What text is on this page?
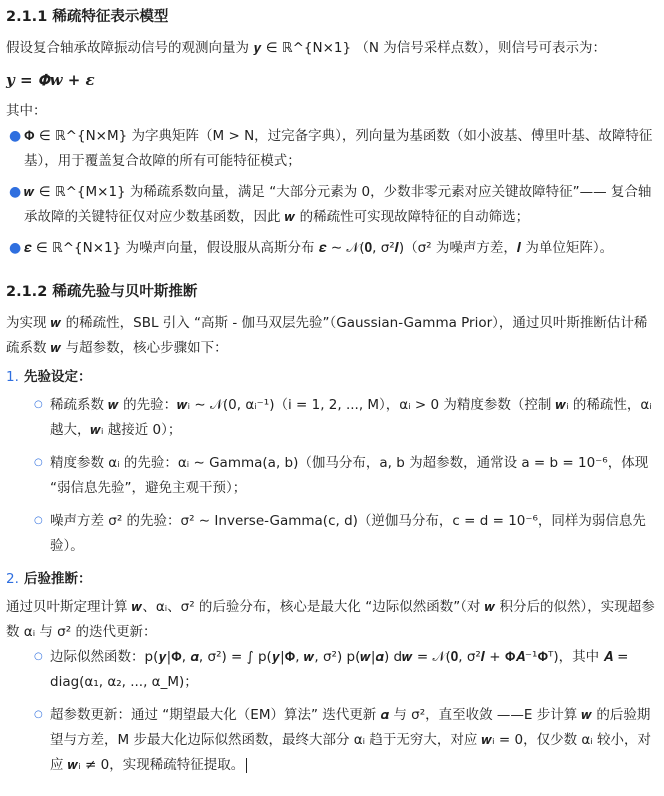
2.1.1 稀疏特征表示模型

假设复合轴承故障振动信号的观测向量为 𝒚 ∈ ℝ^{N×1} （N 为信号采样点数），则信号可表示为：

𝒚 = 𝚽𝒘 + 𝜺

其中：

● 𝚽 ∈ ℝ^{N×M} 为字典矩阵（M > N，过完备字典），列向量为基函数（如小波基、傅里叶基、故障特征基），用于覆盖复合故障的所有可能特征模式；
● 𝒘 ∈ ℝ^{M×1} 为稀疏系数向量，满足 “大部分元素为 0，少数非零元素对应关键故障特征”—— 复合轴承故障的关键特征仅对应少数基函数，因此 𝒘 的稀疏性可实现故障特征的自动筛选；
● 𝜺 ∈ ℝ^{N×1} 为噪声向量，假设服从高斯分布 𝜺 ∼ 𝒩(𝟎, σ²𝑰)（σ² 为噪声方差，𝑰 为单位矩阵）。
2.1.2 稀疏先验与贝叶斯推断

为实现 𝒘 的稀疏性，SBL 引入 “高斯 - 伽马双层先验”（Gaussian-Gamma Prior），通过贝叶斯推断估计稀疏系数 𝒘 与超参数，核心步骤如下：

1. 先验设定：
○ 稀疏系数 𝒘 的先验：𝒘ᵢ ∼ 𝒩(0, αᵢ⁻¹)（i = 1, 2, ..., M），αᵢ > 0 为精度参数（控制 𝒘ᵢ 的稀疏性，αᵢ 越大，𝒘ᵢ 越接近 0）；
○ 精度参数 αᵢ 的先验：αᵢ ∼ Gamma(a, b)（伽马分布，a, b 为超参数，通常设 a = b = 10⁻⁶，体现 “弱信息先验”，避免主观干预）；
○ 噪声方差 σ² 的先验：σ² ∼ Inverse-Gamma(c, d)（逆伽马分布，c = d = 10⁻⁶，同样为弱信息先验）。
2. 后验推断：

通过贝叶斯定理计算 𝒘、αᵢ、σ² 的后验分布，核心是最大化 “边际似然函数”（对 𝒘 积分后的似然），实现超参数 αᵢ 与 σ² 的迭代更新：

○ 边际似然函数：p(𝒚|𝚽, 𝜶, σ²) = ∫ p(𝒚|𝚽, 𝒘, σ²) p(𝒘|𝜶) d𝒘 = 𝒩(𝟎, σ²𝑰 + 𝚽𝑨⁻¹𝚽ᵀ)，其中 𝑨 = diag(α₁, α₂, ..., α_M)；
○ 超参数更新：通过 “期望最大化（EM）算法” 迭代更新 𝜶 与 σ²，直至收敛 ——E 步计算 𝒘 的后验期望与方差，M 步最大化边际似然函数，最终大部分 αᵢ 趋于无穷大，对应 𝒘ᵢ = 0，仅少数 αᵢ 较小，对应 𝒘ᵢ ≠ 0，实现稀疏特征提取。
